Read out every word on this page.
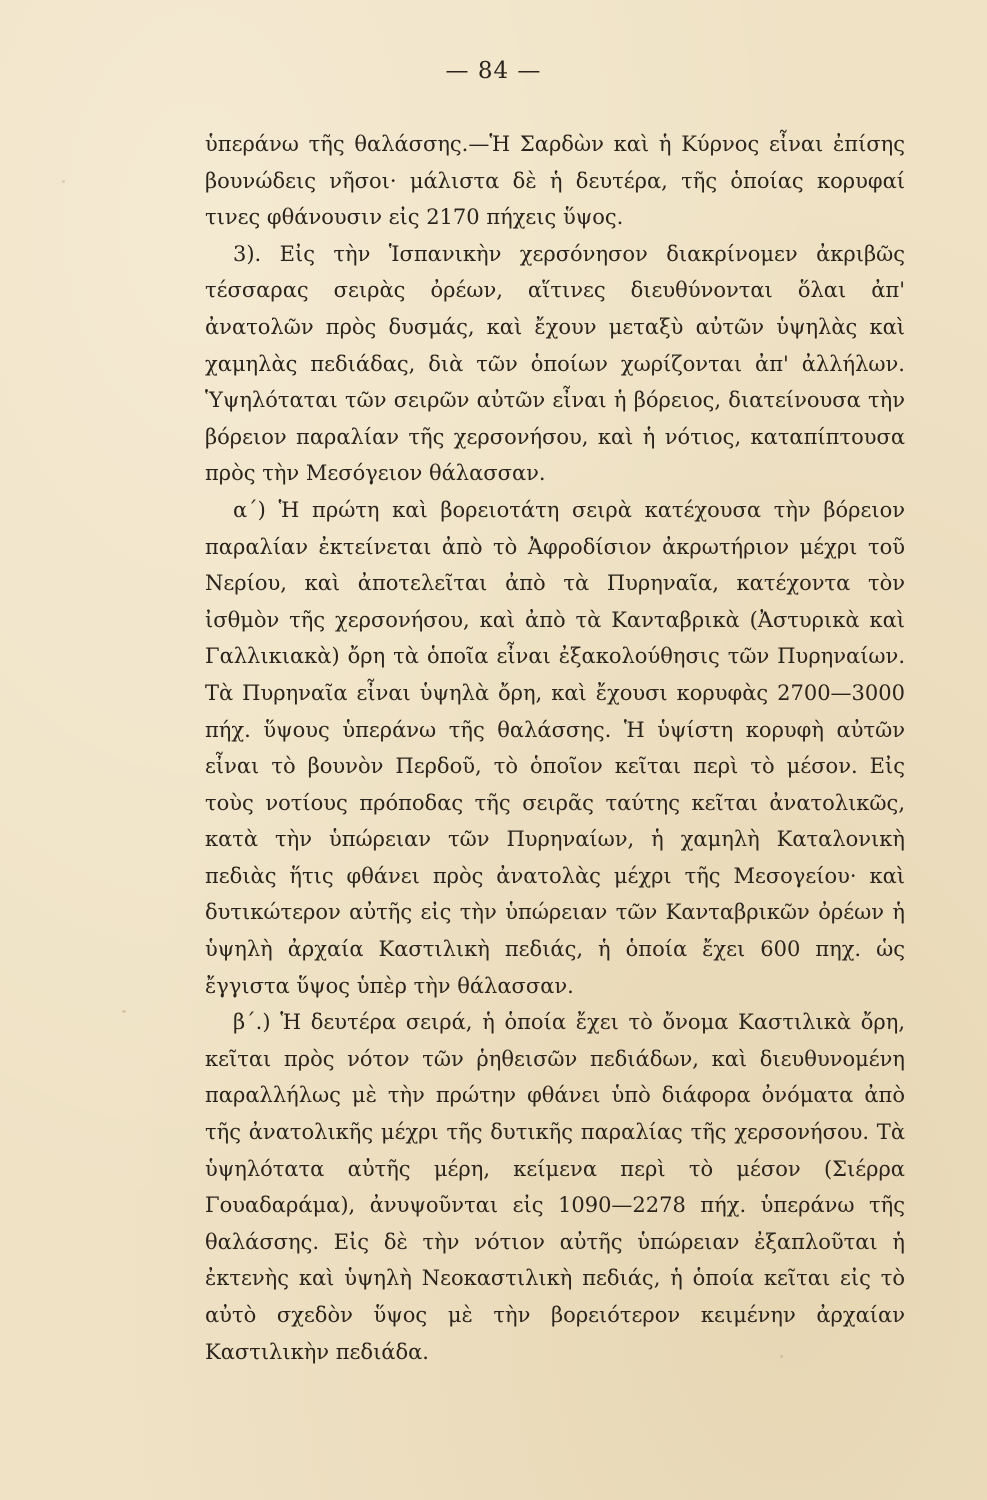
— 84 —

ὑπεράνω τῆς θαλάσσης.—Ἡ Σαρδὼν καὶ ἡ Κύρνος εἶναι ἐπίσης βουνώδεις νῆσοι· μάλιστα δὲ ἡ δευτέρα, τῆς ὁποίας κορυφαί τινες φθάνουσιν εἰς 2170 πήχεις ὕψος.

3). Εἰς τὴν Ἱσπανικὴν χερσόνησον διακρίνομεν ἀκριβῶς τέσσαρας σειρὰς ὀρέων, αἵτινες διευθύνονται ὅλαι ἀπ' ἀνατολῶν πρὸς δυσμάς, καὶ ἔχουν μεταξὺ αὐτῶν ὑψηλὰς καὶ χαμηλὰς πεδιάδας, διὰ τῶν ὁποίων χωρίζονται ἀπ' ἀλλήλων. Ὑψηλόταται τῶν σειρῶν αὐτῶν εἶναι ἡ βόρειος, διατείνουσα τὴν βόρειον παραλίαν τῆς χερσονήσου, καὶ ἡ νότιος, καταπίπτουσα πρὸς τὴν Μεσόγειον θάλασσαν.

α΄) Ἡ πρώτη καὶ βορειοτάτη σειρὰ κατέχουσα τὴν βόρειον παραλίαν ἐκτείνεται ἀπὸ τὸ Ἀφροδίσιον ἀκρωτήριον μέχρι τοῦ Νερίου, καὶ ἀποτελεῖται ἀπὸ τὰ Πυρηναῖα, κατέχοντα τὸν ἰσθμὸν τῆς χερσονήσου, καὶ ἀπὸ τὰ Κανταβρικὰ (Ἀστυρικὰ καὶ Γαλλικιακὰ) ὄρη τὰ ὁποῖα εἶναι ἐξακολούθησις τῶν Πυρηναίων. Τὰ Πυρηναῖα εἶναι ὑψηλὰ ὄρη, καὶ ἔχουσι κορυφὰς 2700—3000 πήχ. ὕψους ὑπεράνω τῆς θαλάσσης. Ἡ ὑψίστη κορυφὴ αὐτῶν εἶναι τὸ βουνὸν Περδοῦ, τὸ ὁποῖον κεῖται περὶ τὸ μέσον. Εἰς τοὺς νοτίους πρόποδας τῆς σειρᾶς ταύτης κεῖται ἀνατολικῶς, κατὰ τὴν ὑπώρειαν τῶν Πυρηναίων, ἡ χαμηλὴ Καταλονικὴ πεδιὰς ἥτις φθάνει πρὸς ἀνατολὰς μέχρι τῆς Μεσογείου· καὶ δυτικώτερον αὐτῆς εἰς τὴν ὑπώρειαν τῶν Κανταβρικῶν ὀρέων ἡ ὑψηλὴ ἀρχαία Καστιλικὴ πεδιάς, ἡ ὁποία ἔχει 600 πηχ. ὡς ἔγγιστα ὕψος ὑπὲρ τὴν θάλασσαν.

β΄.) Ἡ δευτέρα σειρά, ἡ ὁποία ἔχει τὸ ὄνομα Καστιλικὰ ὄρη, κεῖται πρὸς νότον τῶν ῥηθεισῶν πεδιάδων, καὶ διευθυνομένη παραλλήλως μὲ τὴν πρώτην φθάνει ὑπὸ διάφορα ὀνόματα ἀπὸ τῆς ἀνατολικῆς μέχρι τῆς δυτικῆς παραλίας τῆς χερσονήσου. Τὰ ὑψηλότατα αὐτῆς μέρη, κείμενα περὶ τὸ μέσον (Σιέρρα Γουαδαράμα), ἀνυψοῦνται εἰς 1090—2278 πήχ. ὑπεράνω τῆς θαλάσσης. Εἰς δὲ τὴν νότιον αὐτῆς ὑπώρειαν ἐξαπλοῦται ἡ ἐκτενὴς καὶ ὑψηλὴ Νεοκαστιλικὴ πεδιάς, ἡ ὁποία κεῖται εἰς τὸ αὐτὸ σχεδὸν ὕψος μὲ τὴν βορειότερον κειμένην ἀρχαίαν Καστιλικὴν πεδιάδα.
